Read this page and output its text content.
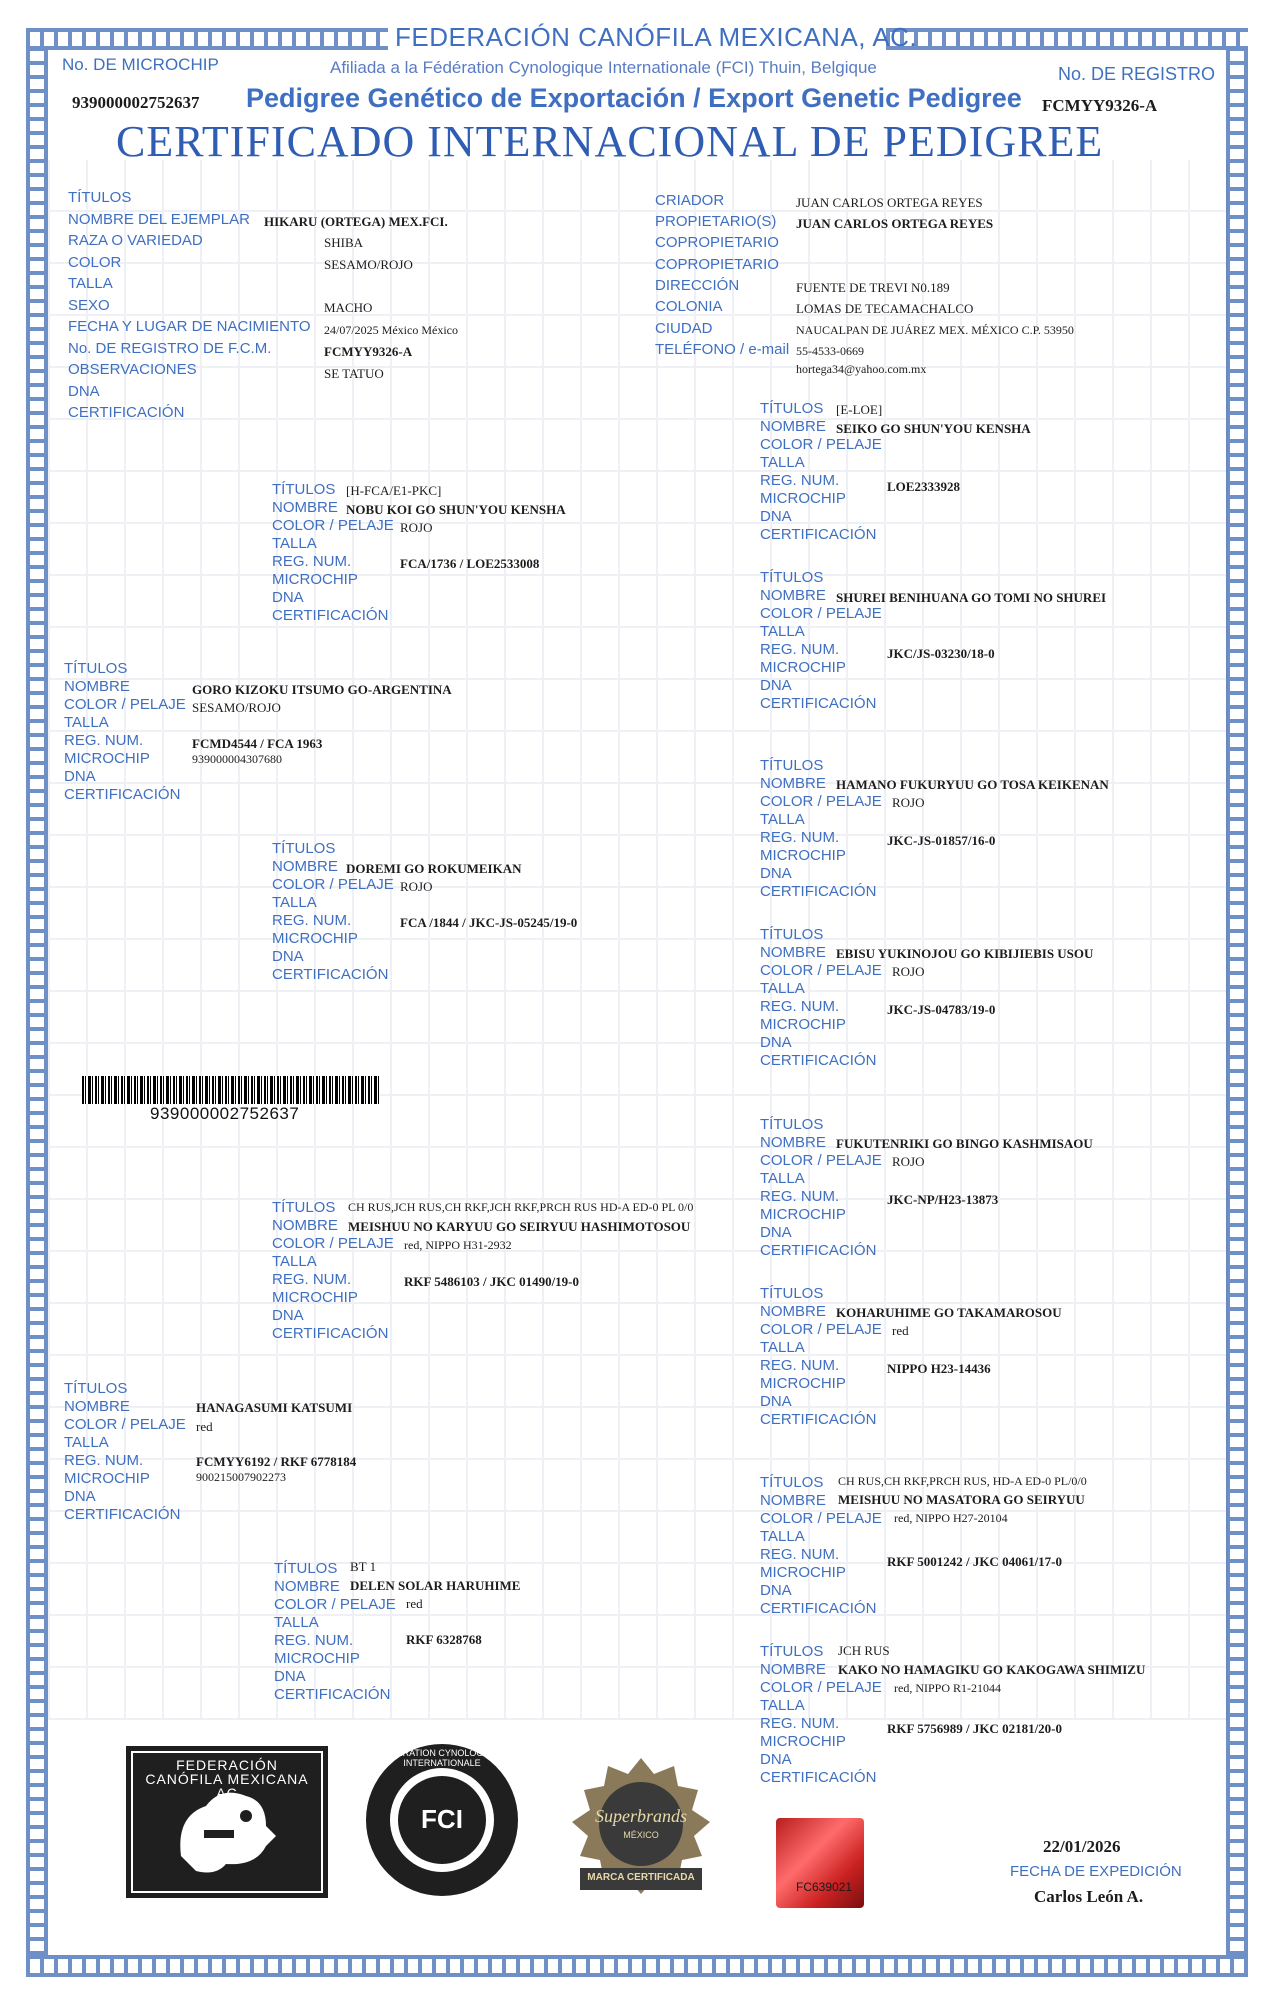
FEDERACIÓN CANÓFILA MEXICANA, AC.
No. DE MICROCHIP	Afiliada a la Fédération Cynologique Internationale (FCI) Thuin, Belgique	No. DE REGISTRO
939000002752637 Pedigree Genético de Exportación / Export Genetic Pedigree FCMYY9326-A
CERTIFICADO INTERNACIONAL DE PEDIGREE
TÍTULOS
NOMBRE DEL EJEMPLAR
RAZA O VARIEDAD
COLOR
TALLA
SEXO
FECHA Y LUGAR DE NACIMIENTO
No. DE REGISTRO DE F.C.M.
OBSERVACIONES
DNA
CERTIFICACIÓN
HIKARU (ORTEGA) MEX.FCI.
SHIBA
SESAMO/ROJO
MACHO
24/07/2025 México México
FCMYY9326-A
SE TATUO
CRIADOR
PROPIETARIO(S)
COPROPIETARIO
COPROPIETARIO
DIRECCIÓN
COLONIA
CIUDAD
TELÉFONO / e-mail
JUAN CARLOS ORTEGA REYES
JUAN CARLOS ORTEGA REYES
FUENTE DE TREVI N0.189
LOMAS DE TECAMACHALCO
NAUCALPAN DE JUÁREZ MEX. MÉXICO C.P. 53950
55-4533-0669
hortega34@yahoo.com.mx
TÍTULOS
NOMBRE
COLOR / PELAJE
TALLA
REG. NUM.
MICROCHIP
DNA
CERTIFICACIÓN
GORO KIZOKU ITSUMO GO-ARGENTINA
SESAMO/ROJO
FCMD4544 / FCA 1963
939000004307680
TÍTULOS
NOMBRE
COLOR / PELAJE
TALLA
REG. NUM.
MICROCHIP
DNA
CERTIFICACIÓN
HANAGASUMI KATSUMI
red
FCMYY6192 / RKF 6778184
900215007902273
TÍTULOS
NOMBRE
COLOR / PELAJE
TALLA
REG. NUM.
MICROCHIP
DNA
CERTIFICACIÓN
[H-FCA/E1-PKC]
NOBU KOI GO SHUN'YOU KENSHA
ROJO
FCA/1736 / LOE2533008
TÍTULOS
NOMBRE
COLOR / PELAJE
TALLA
REG. NUM.
MICROCHIP
DNA
CERTIFICACIÓN
DOREMI GO ROKUMEIKAN
ROJO
FCA /1844 / JKC-JS-05245/19-0
TÍTULOS
NOMBRE
COLOR / PELAJE
TALLA
REG. NUM.
MICROCHIP
DNA
CERTIFICACIÓN
CH RUS,JCH RUS,CH RKF,JCH RKF,PRCH RUS HD-A ED-0 PL 0/0
MEISHUU NO KARYUU GO SEIRYUU HASHIMOTOSOU
red, NIPPO H31-2932
RKF 5486103 / JKC 01490/19-0
TÍTULOS
NOMBRE
COLOR / PELAJE
TALLA
REG. NUM.
MICROCHIP
DNA
CERTIFICACIÓN
BT 1
DELEN SOLAR HARUHIME
red
RKF 6328768
TÍTULOS
NOMBRE
COLOR / PELAJE
TALLA
REG. NUM.
MICROCHIP
DNA
CERTIFICACIÓN
[E-LOE]
SEIKO GO SHUN'YOU KENSHA
LOE2333928
TÍTULOS
NOMBRE
COLOR / PELAJE
TALLA
REG. NUM.
MICROCHIP
DNA
CERTIFICACIÓN
SHUREI BENIHUANA GO TOMI NO SHUREI
JKC/JS-03230/18-0
TÍTULOS
NOMBRE
COLOR / PELAJE
TALLA
REG. NUM.
MICROCHIP
DNA
CERTIFICACIÓN
HAMANO FUKURYUU GO TOSA KEIKENAN
ROJO
JKC-JS-01857/16-0
TÍTULOS
NOMBRE
COLOR / PELAJE
TALLA
REG. NUM.
MICROCHIP
DNA
CERTIFICACIÓN
EBISU YUKINOJOU GO KIBIJIEBIS USOU
ROJO
JKC-JS-04783/19-0
TÍTULOS
NOMBRE
COLOR / PELAJE
TALLA
REG. NUM.
MICROCHIP
DNA
CERTIFICACIÓN
FUKUTENRIKI GO BINGO KASHMISAOU
ROJO
JKC-NP/H23-13873
TÍTULOS
NOMBRE
COLOR / PELAJE
TALLA
REG. NUM.
MICROCHIP
DNA
CERTIFICACIÓN
KOHARUHIME GO TAKAMAROSOU
red
NIPPO H23-14436
TÍTULOS
NOMBRE
COLOR / PELAJE
TALLA
REG. NUM.
MICROCHIP
DNA
CERTIFICACIÓN
CH RUS,CH RKF,PRCH RUS, HD-A ED-0 PL/0/0
MEISHUU NO MASATORA GO SEIRYUU
red, NIPPO H27-20104
RKF 5001242 / JKC 04061/17-0
TÍTULOS
NOMBRE
COLOR / PELAJE
TALLA
REG. NUM.
MICROCHIP
DNA
CERTIFICACIÓN
JCH RUS
KAKO NO HAMAGIKU GO KAKOGAWA SHIMIZU
red, NIPPO R1-21044
RKF 5756989 / JKC 02181/20-0
939000002752637
FEDERACIÓN CANÓFILA MEXICANA AC
FCI
FEDERATION CYNOLOGIQUE INTERNATIONALE
Superbrands
MÉXICO
MARCA CERTIFICADA
FC639021
22/01/2026
FECHA DE EXPEDICIÓN
Carlos León A.
